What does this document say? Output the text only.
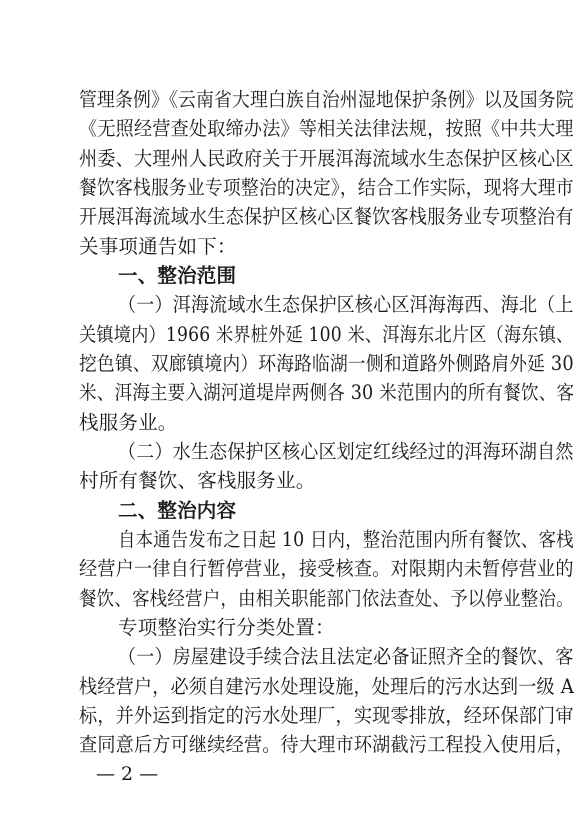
管理条例》《云南省大理白族自治州湿地保护条例》以及国务院
《无照经营查处取缔办法》等相关法律法规，按照《中共大理
州委、大理州人民政府关于开展洱海流域水生态保护区核心区
餐饮客栈服务业专项整治的决定》，结合工作实际，现将大理市
开展洱海流域水生态保护区核心区餐饮客栈服务业专项整治有
关事项通告如下：
一、整治范围
（一）洱海流域水生态保护区核心区洱海海西、海北（上
关镇境内）1966 米界桩外延 100 米、洱海东北片区（海东镇、
挖色镇、双廊镇境内）环海路临湖一侧和道路外侧路肩外延 30
米、洱海主要入湖河道堤岸两侧各 30 米范围内的所有餐饮、客
栈服务业。
（二）水生态保护区核心区划定红线经过的洱海环湖自然
村所有餐饮、客栈服务业。
二、整治内容
自本通告发布之日起 10 日内，整治范围内所有餐饮、客栈
经营户一律自行暂停营业，接受核查。对限期内未暂停营业的
餐饮、客栈经营户，由相关职能部门依法查处、予以停业整治。
专项整治实行分类处置：
（一）房屋建设手续合法且法定必备证照齐全的餐饮、客
栈经营户，必须自建污水处理设施，处理后的污水达到一级 A
标，并外运到指定的污水处理厂，实现零排放，经环保部门审
查同意后方可继续经营。待大理市环湖截污工程投入使用后，
— 2 —
